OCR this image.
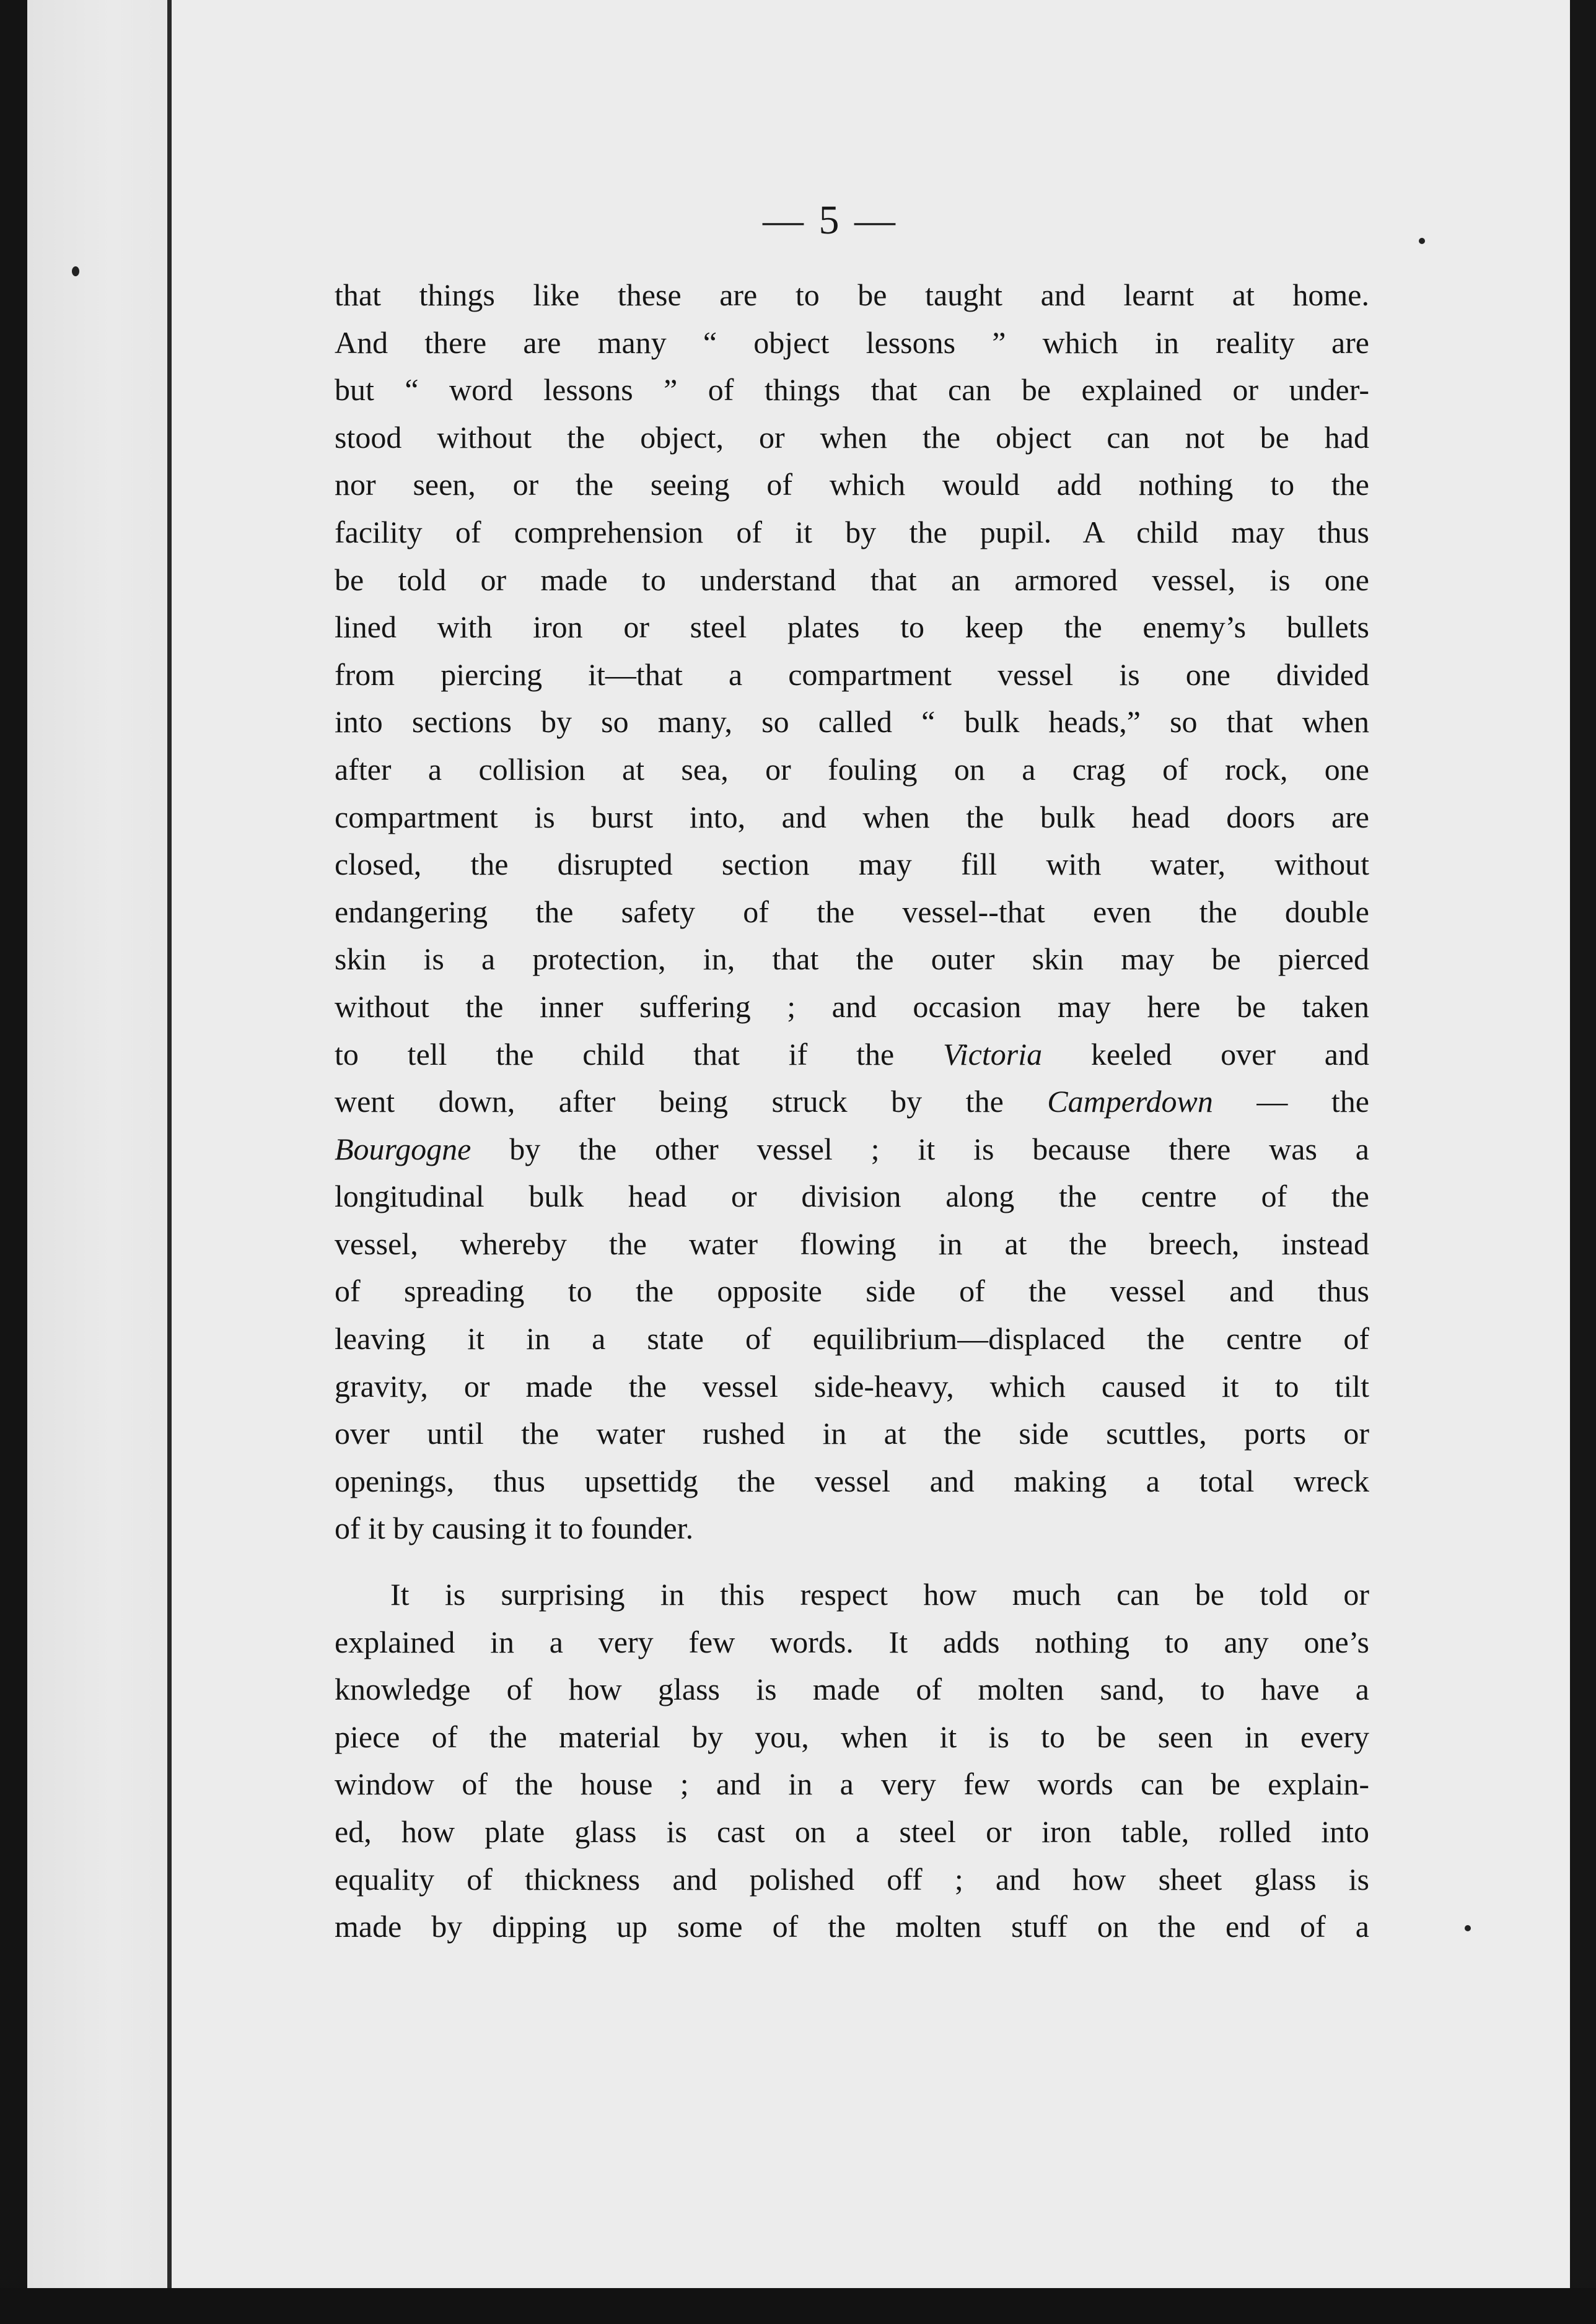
— 5 —
that things like these are to be taught and learnt at home.
And there are many “ object lessons ” which in reality are
but “ word lessons ” of things that can be explained or under-
stood without the object, or when the object can not be had
nor seen, or the seeing of which would add nothing to the
facility of comprehension of it by the pupil. A child may thus
be told or made to understand that an armored vessel, is one
lined with iron or steel plates to keep the enemy’s bullets
from piercing it—that a compartment vessel is one divided
into sections by so many, so called “ bulk heads,” so that when
after a collision at sea, or fouling on a crag of rock, one
compartment is burst into, and when the bulk head doors are
closed, the disrupted section may fill with water, without
endangering the safety of the vessel--that even the double
skin is a protection, in, that the outer skin may be pierced
without the inner suffering ; and occasion may here be taken
to tell the child that if the Victoria keeled over and
went down, after being struck by the Camperdown — the
Bourgogne by the other vessel ; it is because there was a
longitudinal bulk head or division along the centre of the
vessel, whereby the water flowing in at the breech, instead
of spreading to the opposite side of the vessel and thus
leaving it in a state of equilibrium—displaced the centre of
gravity, or made the vessel side-heavy, which caused it to tilt
over until the water rushed in at the side scuttles, ports or
openings, thus upsettidg the vessel and making a total wreck
of it by causing it to founder.
It is surprising in this respect how much can be told or
explained in a very few words. It adds nothing to any one’s
knowledge of how glass is made of molten sand, to have a
piece of the material by you, when it is to be seen in every
window of the house ; and in a very few words can be explain-
ed, how plate glass is cast on a steel or iron table, rolled into
equality of thickness and polished off ; and how sheet glass is
made by dipping up some of the molten stuff on the end of a
